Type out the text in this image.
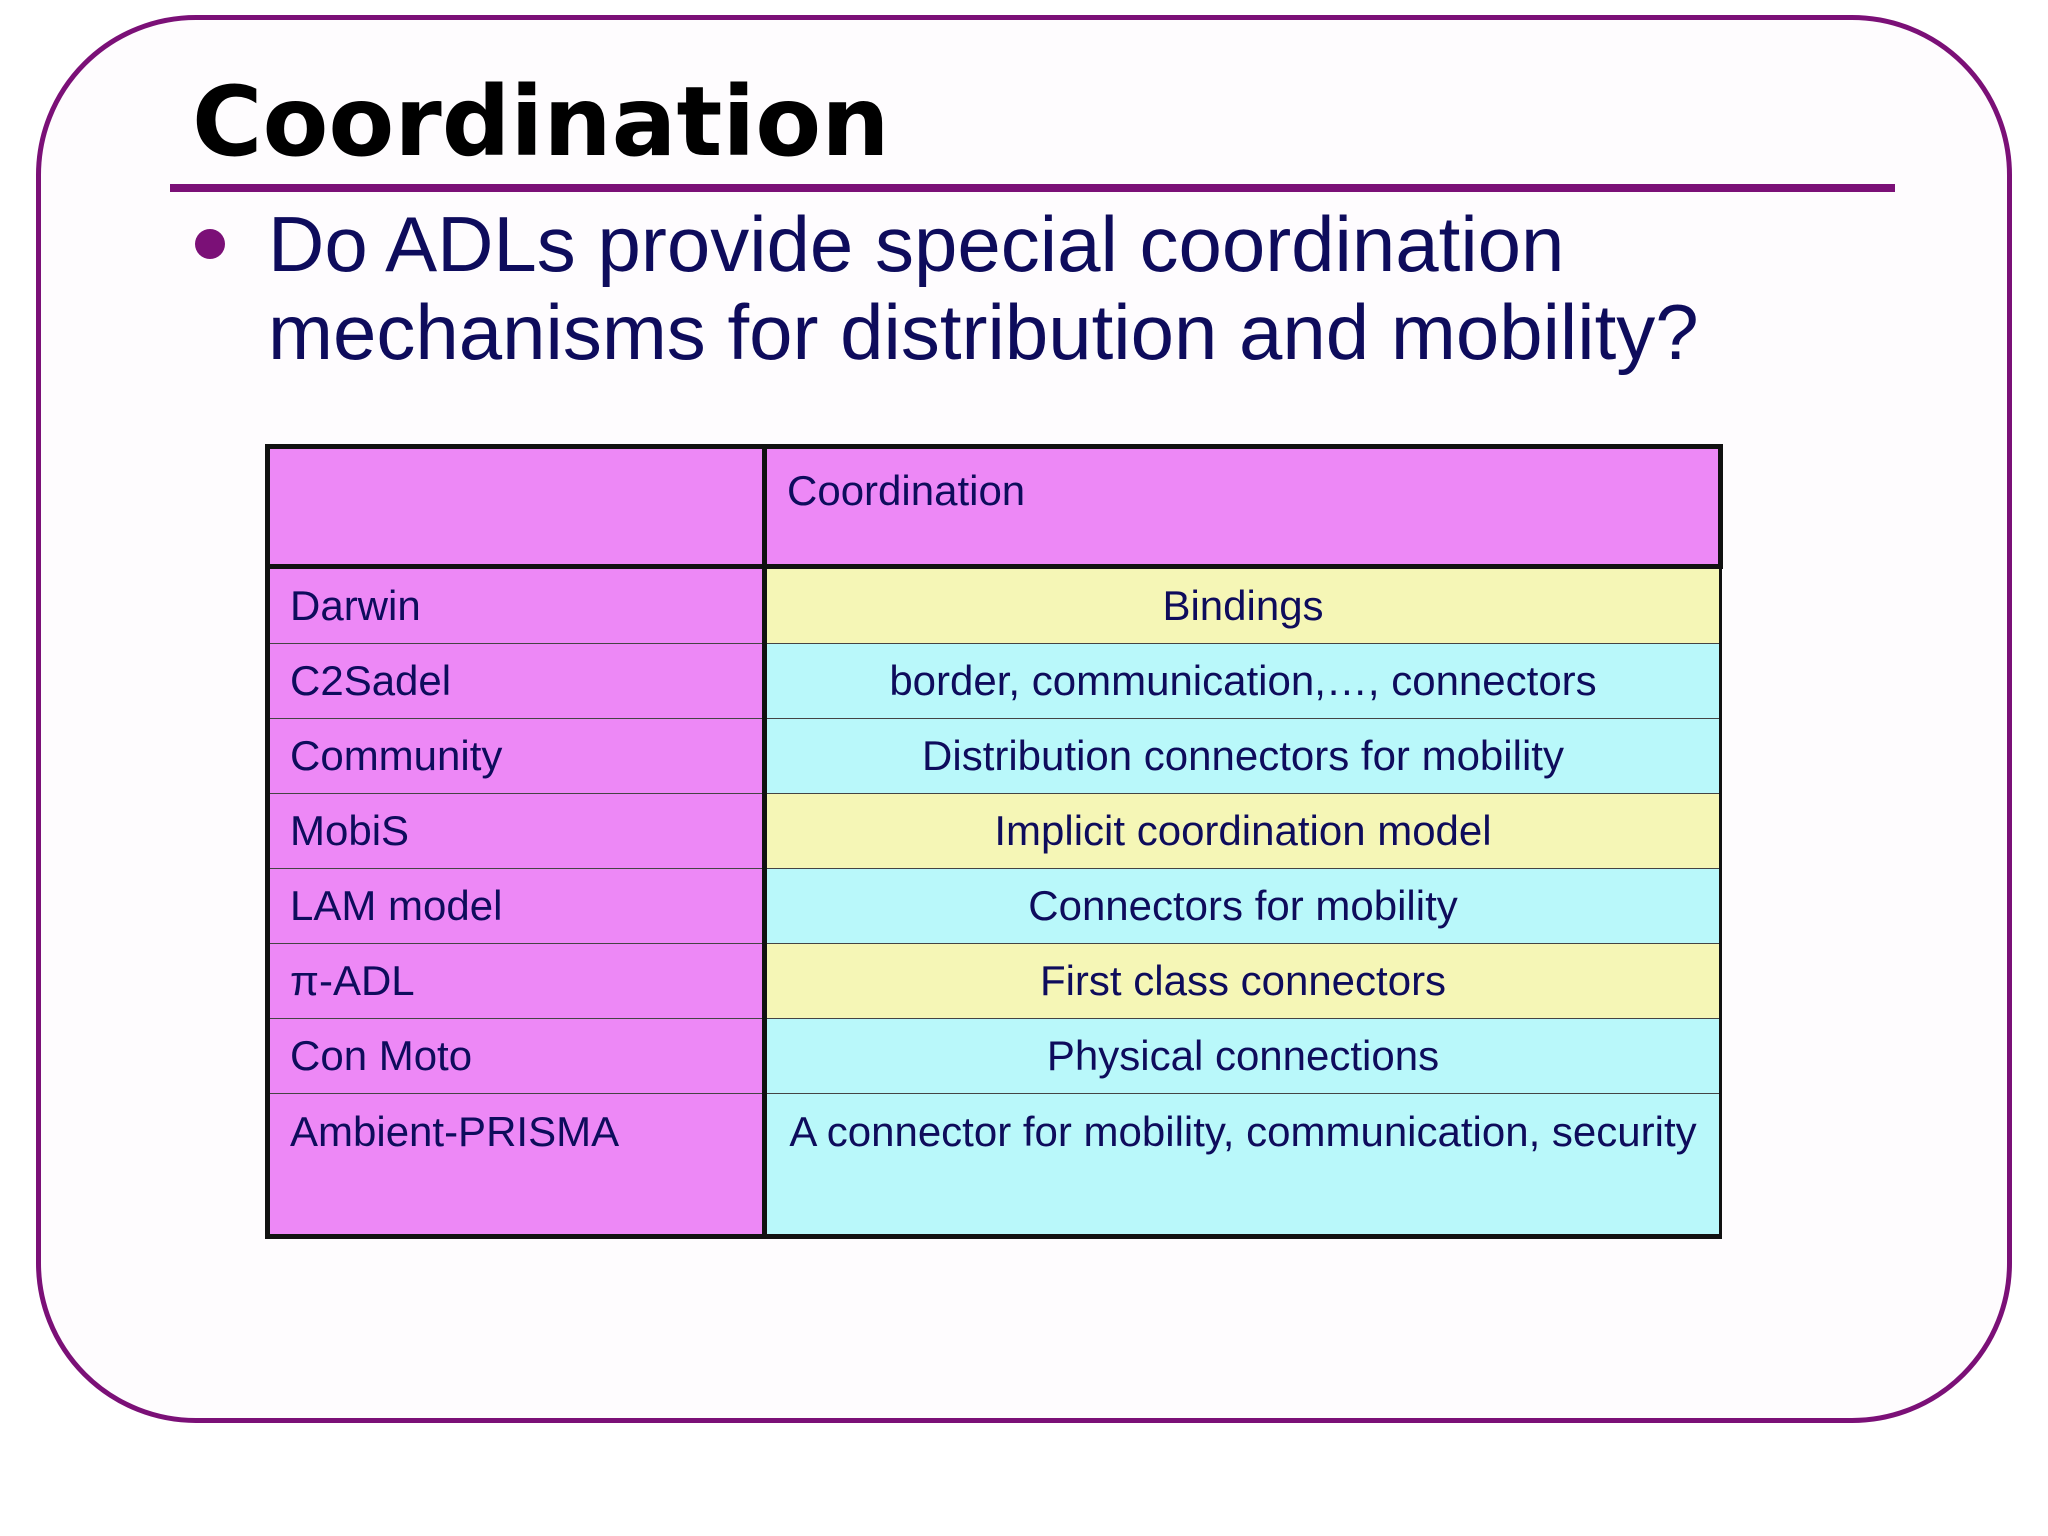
Coordination

Do ADLs provide special coordination mechanisms for distribution and mobility?

	Coordination
Darwin	Bindings
C2Sadel	border, communication,…, connectors
Community	Distribution connectors for mobility
MobiS	Implicit coordination model
LAM model	Connectors for mobility
π-ADL	First class connectors
Con Moto	Physical connections
Ambient-PRISMA	A connector for mobility, communication, security
